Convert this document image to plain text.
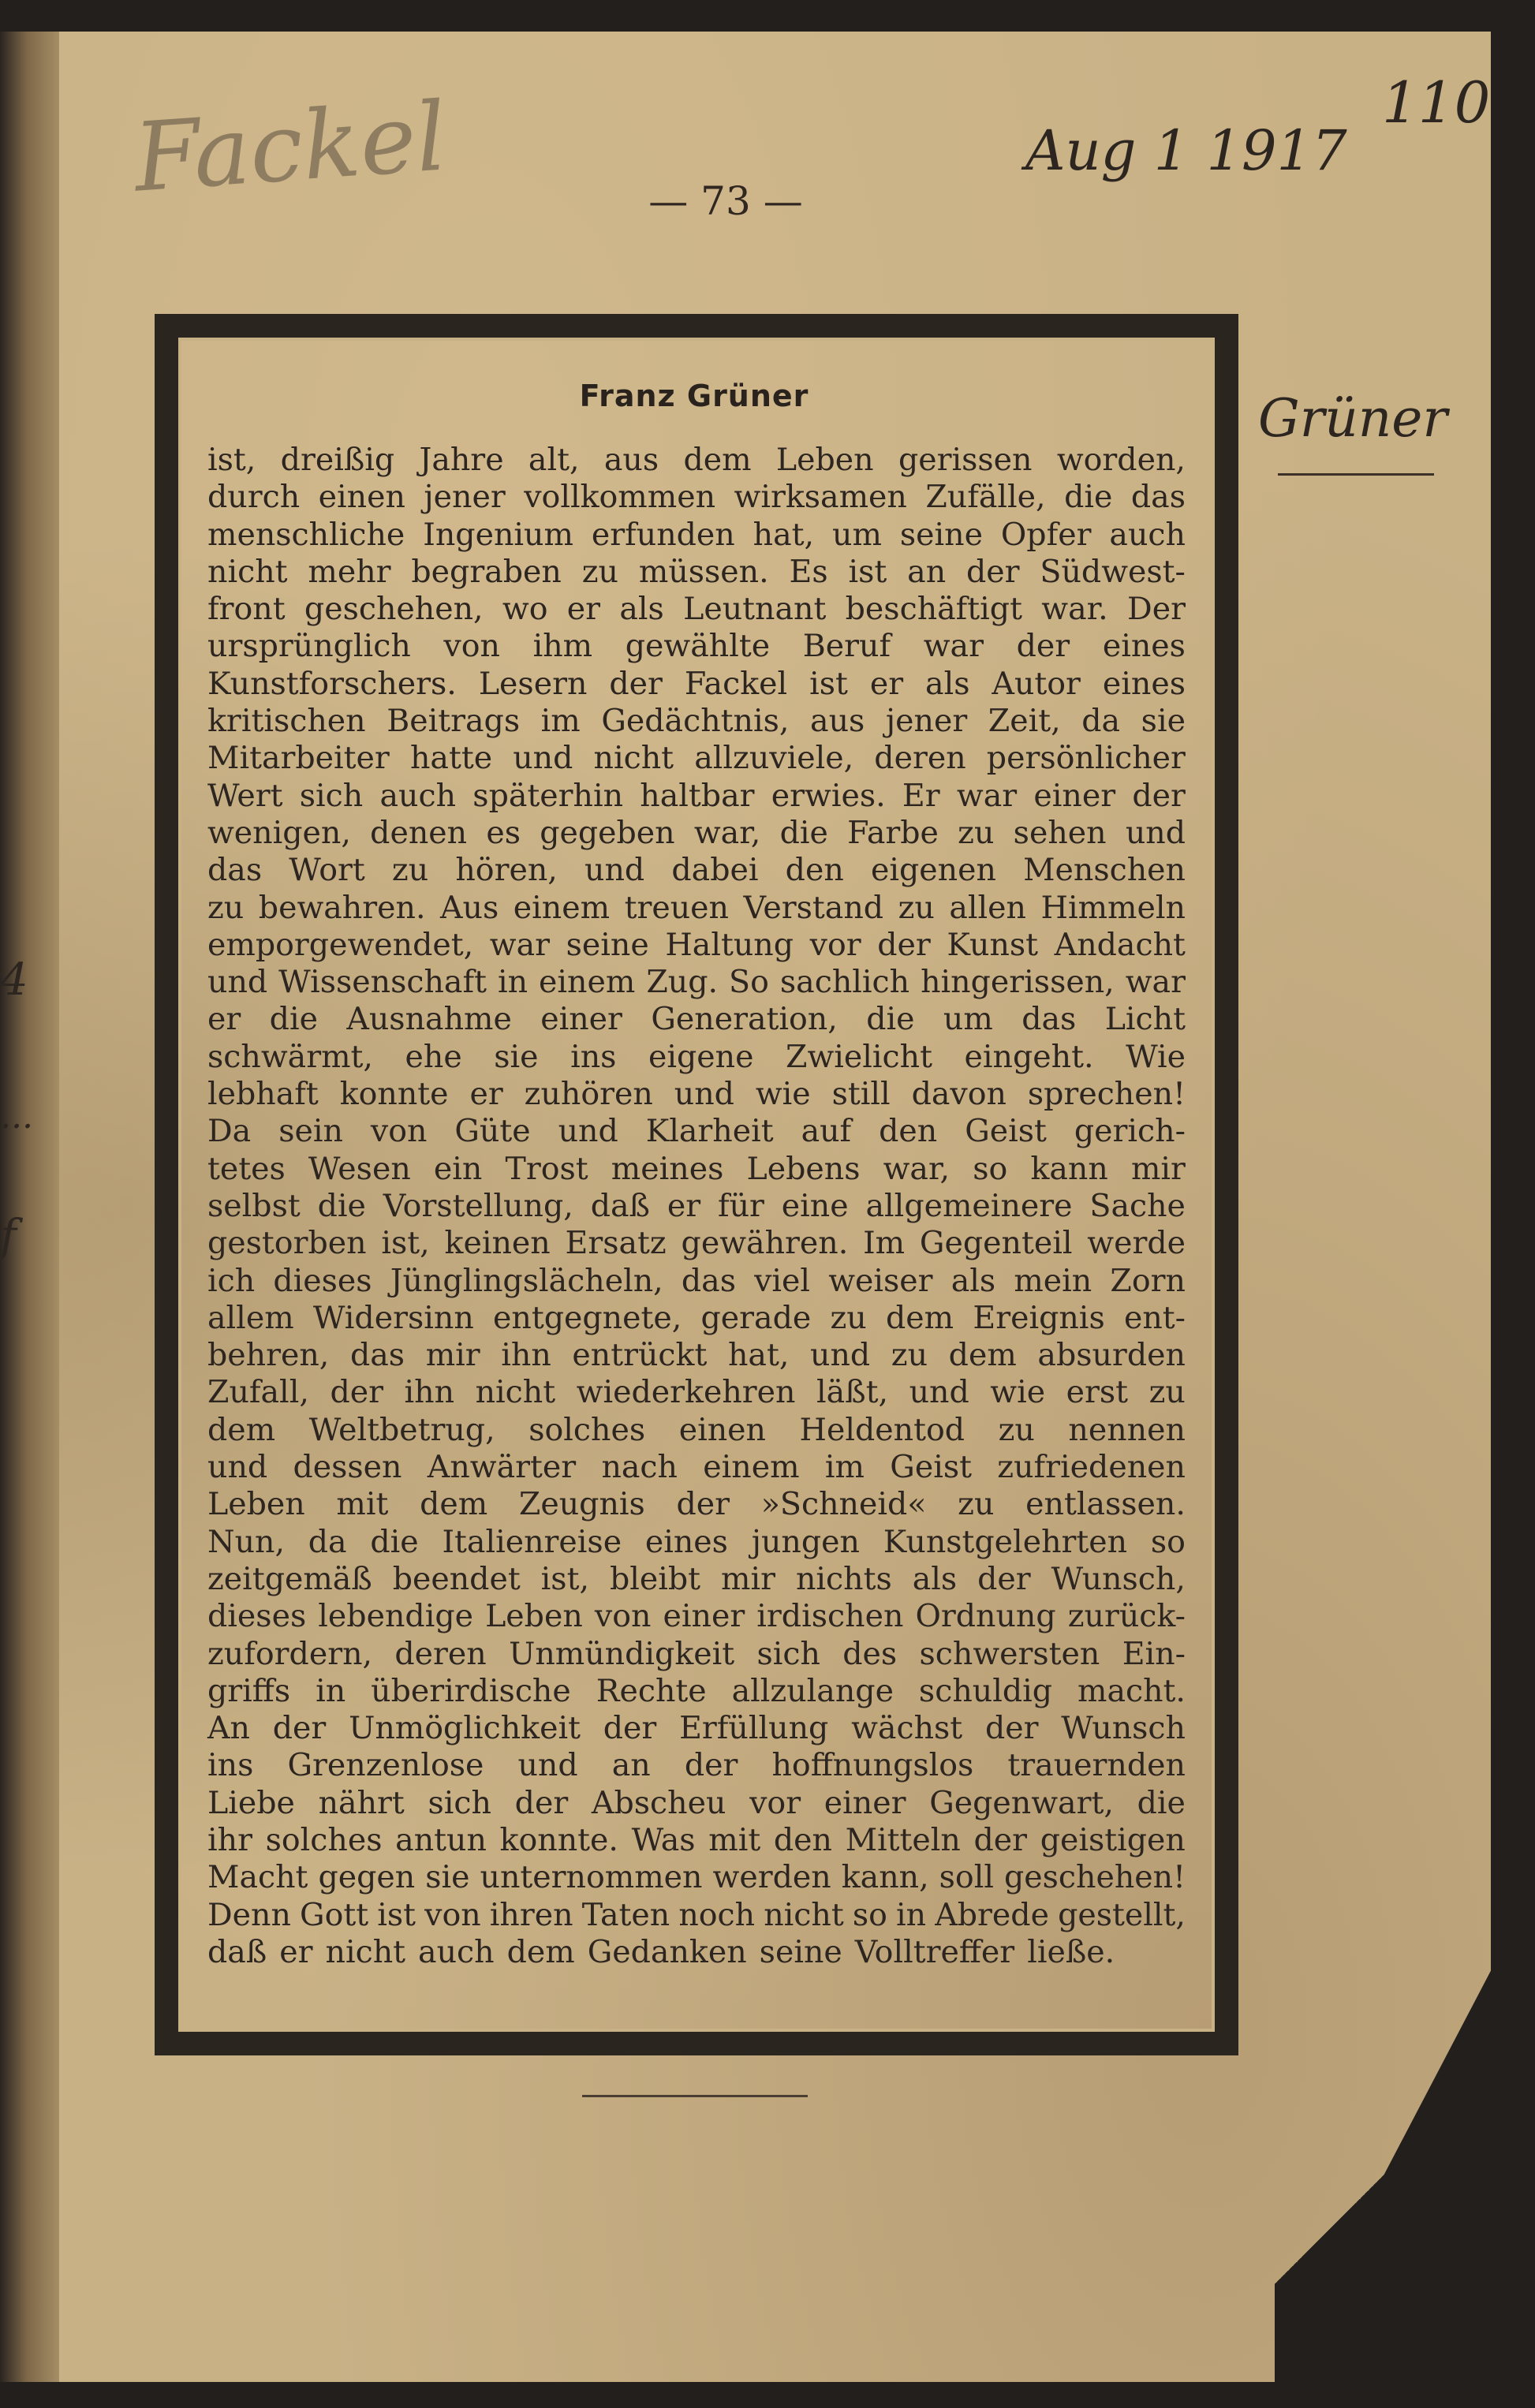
Fackel	Aug 1 1917
110
Grüner
4
...
f
— 73 —
Franz Grüner
ist, dreißig Jahre alt, aus dem Leben gerissen worden,
durch einen jener vollkommen wirksamen Zufälle, die das
menschliche Ingenium erfunden hat, um seine Opfer auch
nicht mehr begraben zu müssen. Es ist an der Südwest-
front geschehen, wo er als Leutnant beschäftigt war. Der
ursprünglich von ihm gewählte Beruf war der eines
Kunstforschers. Lesern der Fackel ist er als Autor eines
kritischen Beitrags im Gedächtnis, aus jener Zeit, da sie
Mitarbeiter hatte und nicht allzuviele, deren persönlicher
Wert sich auch späterhin haltbar erwies. Er war einer der
wenigen, denen es gegeben war, die Farbe zu sehen und
das Wort zu hören, und dabei den eigenen Menschen
zu bewahren. Aus einem treuen Verstand zu allen Himmeln
emporgewendet, war seine Haltung vor der Kunst Andacht
und Wissenschaft in einem Zug. So sachlich hingerissen, war
er die Ausnahme einer Generation, die um das Licht
schwärmt, ehe sie ins eigene Zwielicht eingeht. Wie
lebhaft konnte er zuhören und wie still davon sprechen!
Da sein von Güte und Klarheit auf den Geist gerich-
tetes Wesen ein Trost meines Lebens war, so kann mir
selbst die Vorstellung, daß er für eine allgemeinere Sache
gestorben ist, keinen Ersatz gewähren. Im Gegenteil werde
ich dieses Jünglingslächeln, das viel weiser als mein Zorn
allem Widersinn entgegnete, gerade zu dem Ereignis ent-
behren, das mir ihn entrückt hat, und zu dem absurden
Zufall, der ihn nicht wiederkehren läßt, und wie erst zu
dem Weltbetrug, solches einen Heldentod zu nennen
und dessen Anwärter nach einem im Geist zufriedenen
Leben mit dem Zeugnis der »Schneid« zu entlassen.
Nun, da die Italienreise eines jungen Kunstgelehrten so
zeitgemäß beendet ist, bleibt mir nichts als der Wunsch,
dieses lebendige Leben von einer irdischen Ordnung zurück-
zufordern, deren Unmündigkeit sich des schwersten Ein-
griffs in überirdische Rechte allzulange schuldig macht.
An der Unmöglichkeit der Erfüllung wächst der Wunsch
ins Grenzenlose und an der hoffnungslos trauernden
Liebe nährt sich der Abscheu vor einer Gegenwart, die
ihr solches antun konnte. Was mit den Mitteln der geistigen
Macht gegen sie unternommen werden kann, soll geschehen!
Denn Gott ist von ihren Taten noch nicht so in Abrede gestellt,
daß er nicht auch dem Gedanken seine Volltreffer ließe.
